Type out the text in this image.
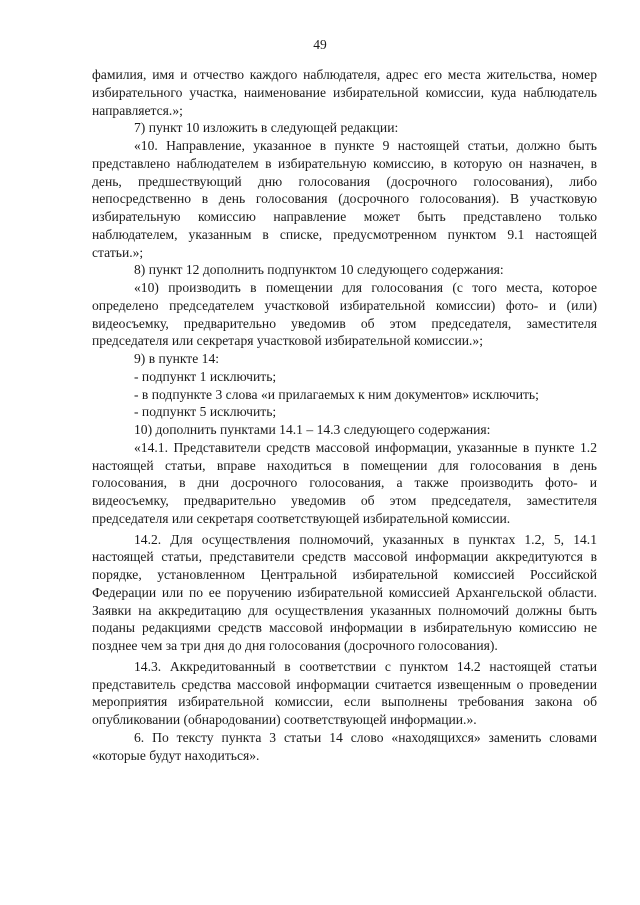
49

фамилия, имя и отчество каждого наблюдателя, адрес его места жительства, номер избирательного участка, наименование избирательной комиссии, куда наблюдатель направляется.»;

7) пункт 10 изложить в следующей редакции:

«10. Направление, указанное в пункте 9 настоящей статьи, должно быть представлено наблюдателем в избирательную комиссию, в которую он назначен, в день, предшествующий дню голосования (досрочного голосования), либо непосредственно в день голосования (досрочного голосования). В участковую избирательную комиссию направление может быть представлено только наблюдателем, указанным в списке, предусмотренном пунктом 9.1 настоящей статьи.»;

8) пункт 12 дополнить подпунктом 10 следующего содержания:

«10) производить в помещении для голосования (с того места, которое определено председателем участковой избирательной комиссии) фото- и (или) видеосъемку, предварительно уведомив об этом председателя, заместителя председателя или секретаря участковой избирательной комиссии.»;

9) в пункте 14:

- подпункт 1 исключить;

- в подпункте 3 слова «и прилагаемых к ним документов» исключить;

- подпункт 5 исключить;

10) дополнить пунктами 14.1 – 14.3 следующего содержания:

«14.1. Представители средств массовой информации, указанные в пункте 1.2 настоящей статьи, вправе находиться в помещении для голосования в день голосования, в дни досрочного голосования, а также производить фото- и видеосъемку, предварительно уведомив об этом председателя, заместителя председателя или секретаря соответствующей избирательной комиссии.

14.2. Для осуществления полномочий, указанных в пунктах 1.2, 5, 14.1 настоящей статьи, представители средств массовой информации аккредитуются в порядке, установленном Центральной избирательной комиссией Российской Федерации или по ее поручению избирательной комиссией Архангельской области. Заявки на аккредитацию для осуществления указанных полномочий должны быть поданы редакциями средств массовой информации в избирательную комиссию не позднее чем за три дня до дня голосования (досрочного голосования).

14.3. Аккредитованный в соответствии с пунктом 14.2 настоящей статьи представитель средства массовой информации считается извещенным о проведении мероприятия избирательной комиссии, если выполнены требования закона об опубликовании (обнародовании) соответствующей информации.».

6. По тексту пункта 3 статьи 14 слово «находящихся» заменить словами «которые будут находиться».
